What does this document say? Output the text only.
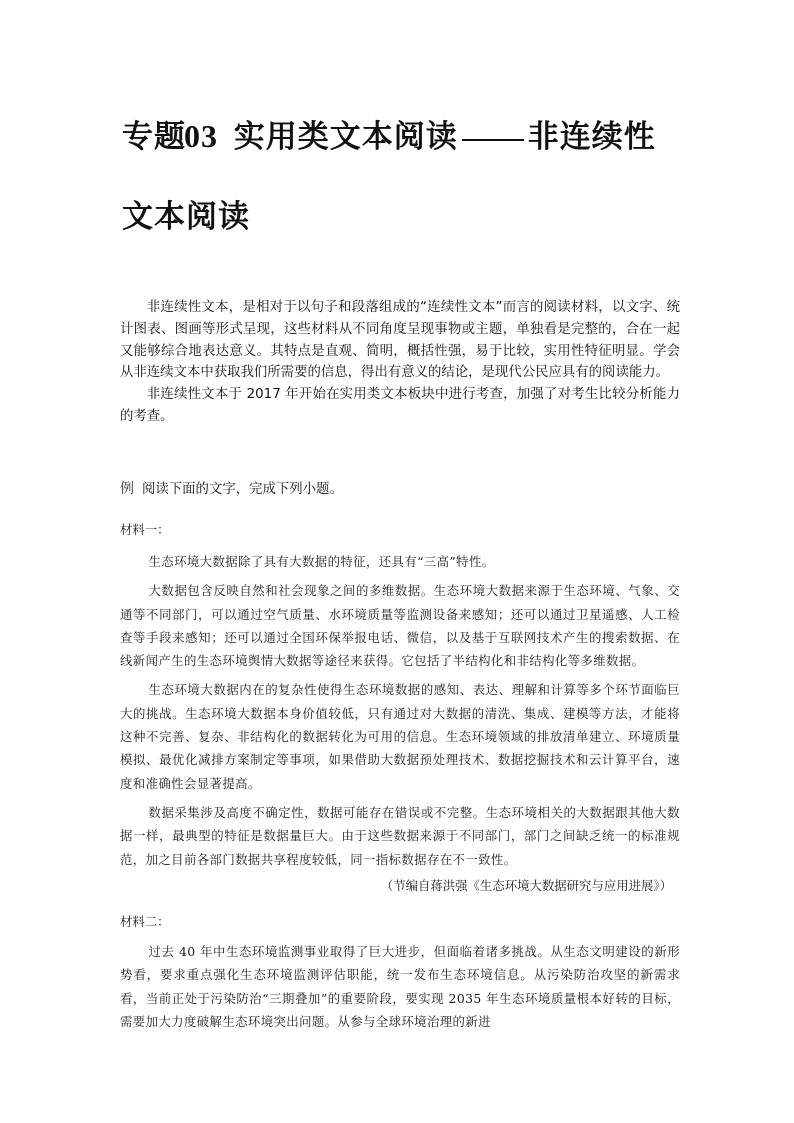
专题03 实用类文本阅读 非连续性
文本阅读

非连续性文本，是相对于以句子和段落组成的“连续性文本”而言的阅读材料，以文字、统计图表、图画等形式呈现，这些材料从不同角度呈现事物或主题，单独看是完整的，合在一起又能够综合地表达意义。其特点是直观、简明，概括性强，易于比较，实用性特征明显。学会从非连续文本中获取我们所需要的信息，得出有意义的结论，是现代公民应具有的阅读能力。

非连续性文本于 2017 年开始在实用类文本板块中进行考查，加强了对考生比较分析能力的考查。

例 阅读下面的文字，完成下列小题。

材料一：

生态环境大数据除了具有大数据的特征，还具有“三高”特性。

大数据包含反映自然和社会现象之间的多维数据。生态环境大数据来源于生态环境、气象、交通等不同部门，可以通过空气质量、水环境质量等监测设备来感知；还可以通过卫星遥感、人工检查等手段来感知；还可以通过全国环保举报电话、微信，以及基于互联网技术产生的搜索数据、在线新闻产生的生态环境舆情大数据等途径来获得。它包括了半结构化和非结构化等多维数据。

生态环境大数据内在的复杂性使得生态环境数据的感知、表达、理解和计算等多个环节面临巨大的挑战。生态环境大数据本身价值较低，只有通过对大数据的清洗、集成、建模等方法，才能将这种不完善、复杂、非结构化的数据转化为可用的信息。生态环境领域的排放清单建立、环境质量模拟、最优化减排方案制定等事项，如果借助大数据预处理技术、数据挖掘技术和云计算平台，速度和准确性会显著提高。

数据采集涉及高度不确定性，数据可能存在错误或不完整。生态环境相关的大数据跟其他大数据一样，最典型的特征是数据量巨大。由于这些数据来源于不同部门，部门之间缺乏统一的标准规范，加之目前各部门数据共享程度较低，同一指标数据存在不一致性。

（节编自蒋洪强《生态环境大数据研究与应用进展》）

材料二：

过去 40 年中生态环境监测事业取得了巨大进步，但面临着诸多挑战。从生态文明建设的新形势看，要求重点强化生态环境监测评估职能，统一发布生态环境信息。从污染防治攻坚的新需求看，当前正处于污染防治“三期叠加”的重要阶段，要实现 2035 年生态环境质量根本好转的目标，需要加大力度破解生态环境突出问题。从参与全球环境治理的新进
